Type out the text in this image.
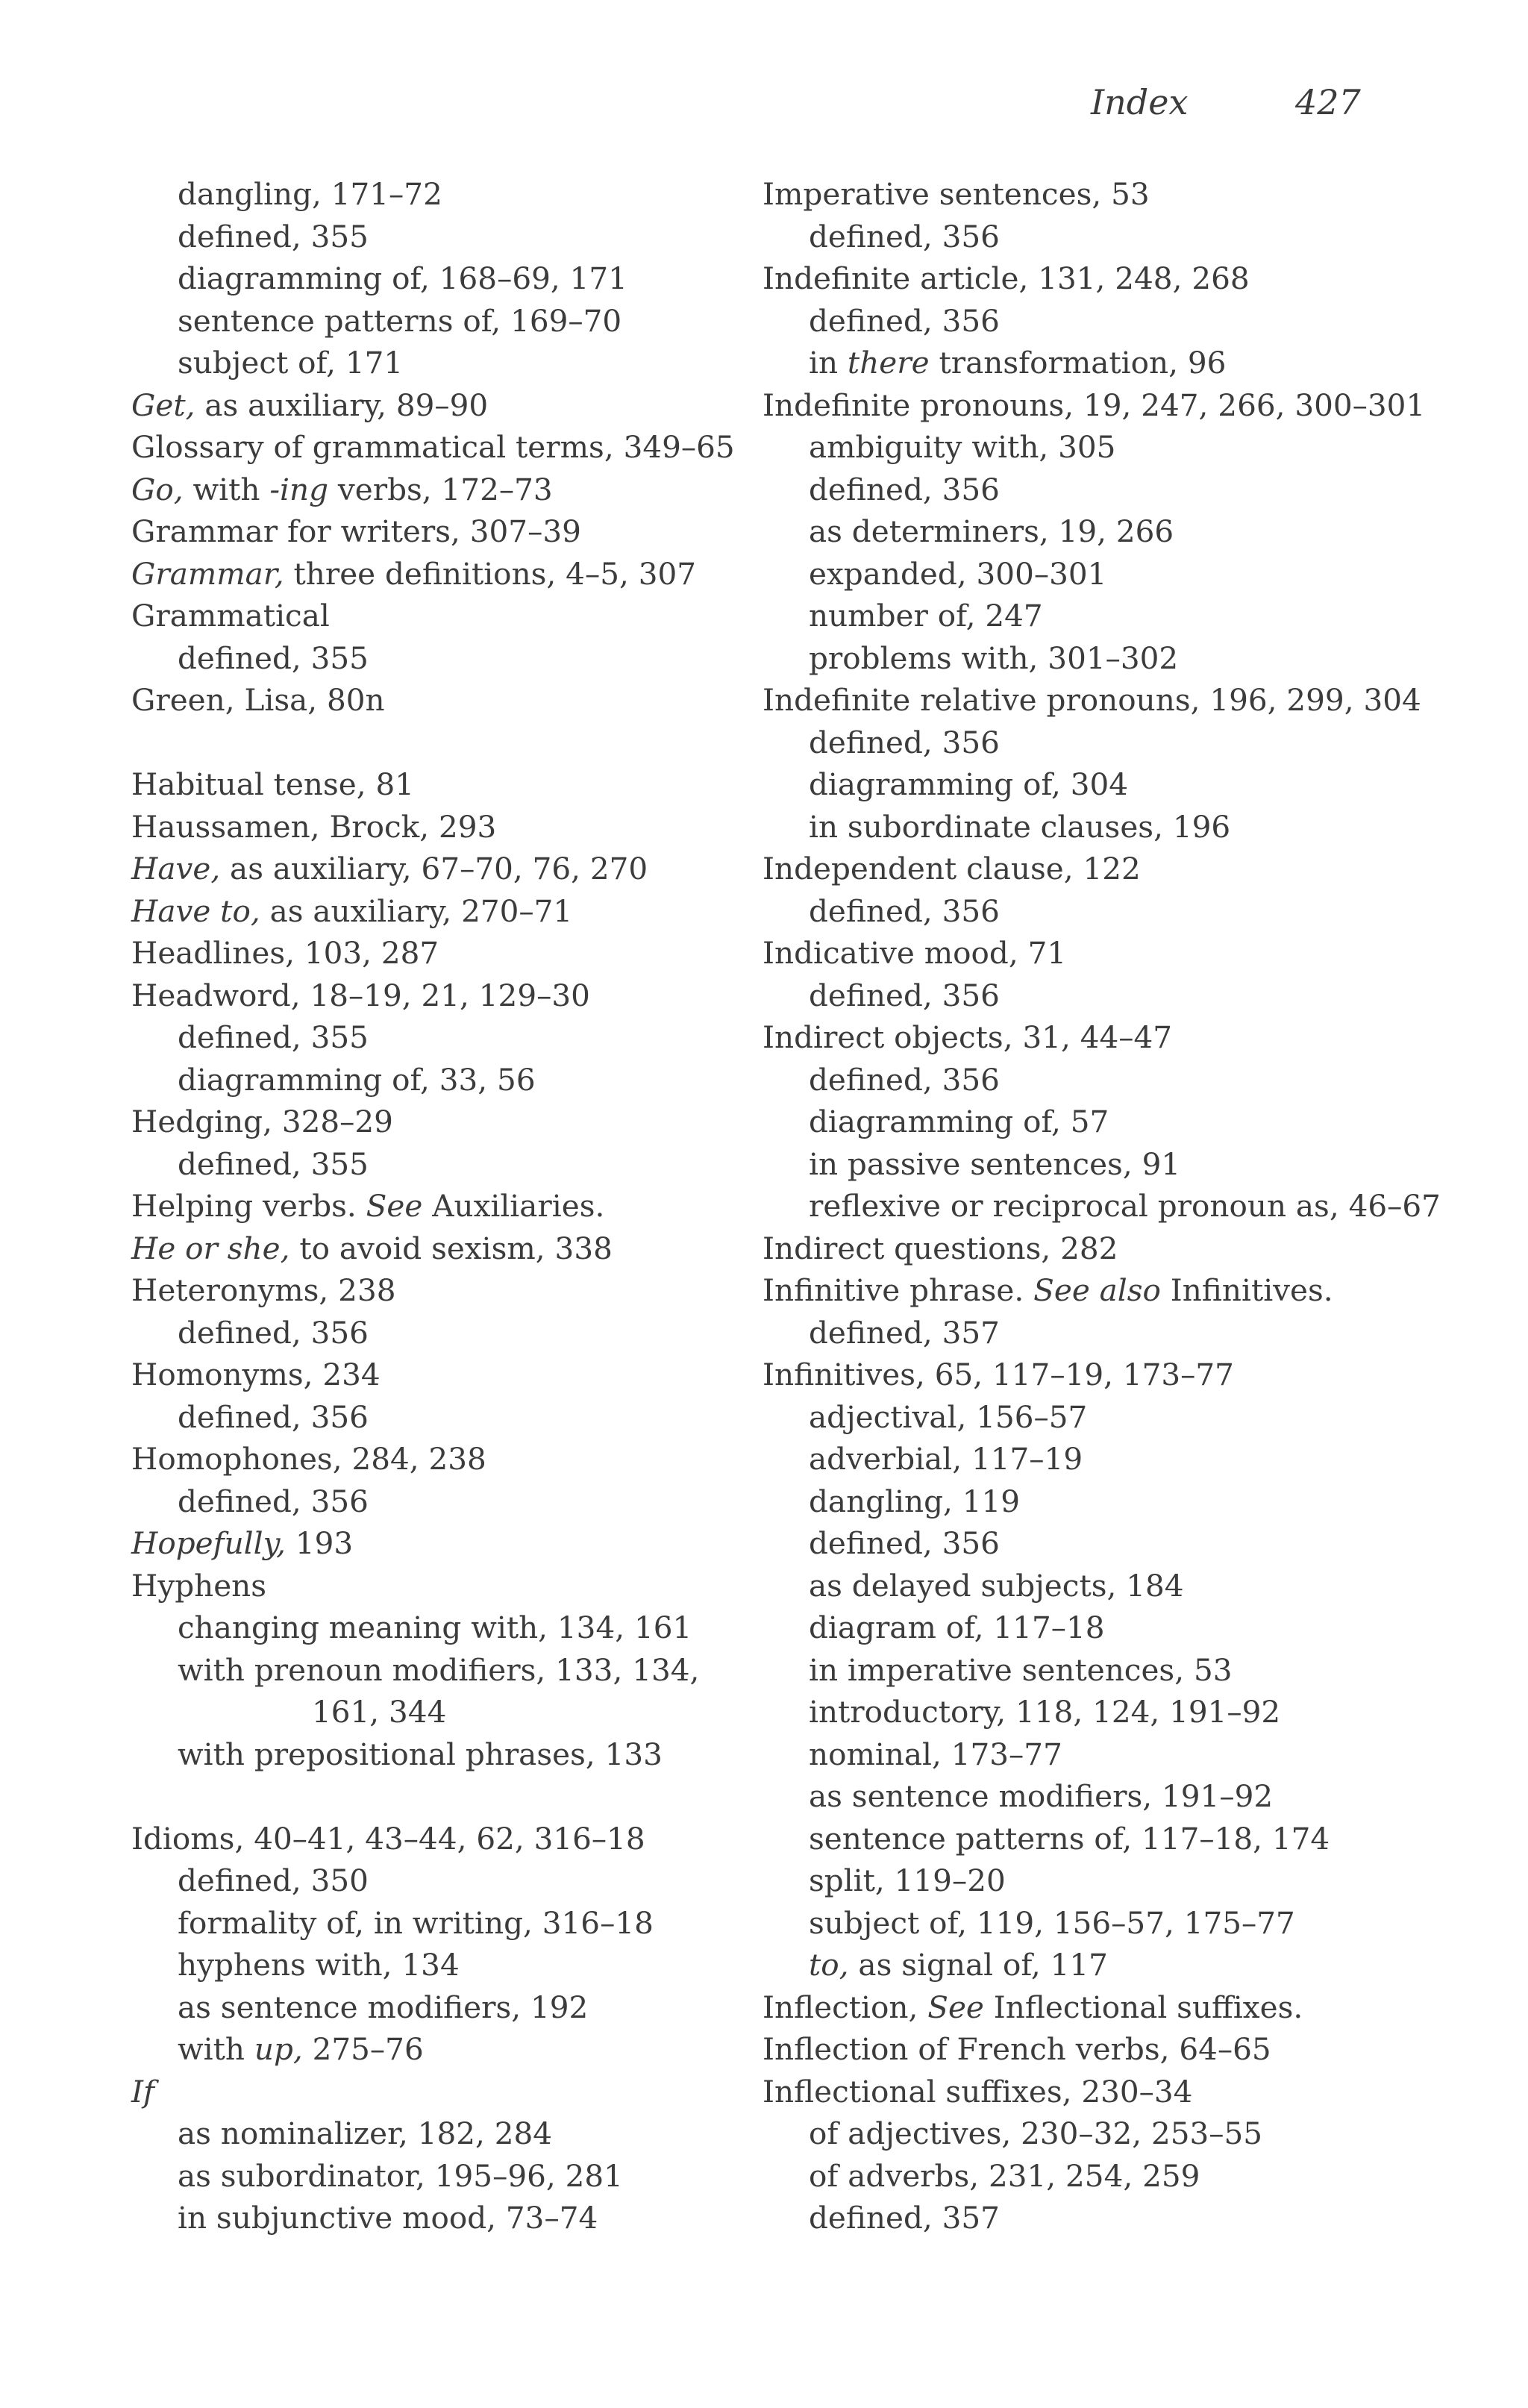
Index	427
dangling, 171–72
defined, 355
diagramming of, 168–69, 171
sentence patterns of, 169–70
subject of, 171
Get, as auxiliary, 89–90
Glossary of grammatical terms, 349–65
Go, with -ing verbs, 172–73
Grammar for writers, 307–39
Grammar, three definitions, 4–5, 307
Grammatical
defined, 355
Green, Lisa, 80n
Habitual tense, 81
Haussamen, Brock, 293
Have, as auxiliary, 67–70, 76, 270
Have to, as auxiliary, 270–71
Headlines, 103, 287
Headword, 18–19, 21, 129–30
defined, 355
diagramming of, 33, 56
Hedging, 328–29
defined, 355
Helping verbs. See Auxiliaries.
He or she, to avoid sexism, 338
Heteronyms, 238
defined, 356
Homonyms, 234
defined, 356
Homophones, 284, 238
defined, 356
Hopefully, 193
Hyphens
changing meaning with, 134, 161
with prenoun modifiers, 133, 134,
161, 344
with prepositional phrases, 133
Idioms, 40–41, 43–44, 62, 316–18
defined, 350
formality of, in writing, 316–18
hyphens with, 134
as sentence modifiers, 192
with up, 275–76
If
as nominalizer, 182, 284
as subordinator, 195–96, 281
in subjunctive mood, 73–74
Imperative sentences, 53
defined, 356
Indefinite article, 131, 248, 268
defined, 356
in there transformation, 96
Indefinite pronouns, 19, 247, 266, 300–301
ambiguity with, 305
defined, 356
as determiners, 19, 266
expanded, 300–301
number of, 247
problems with, 301–302
Indefinite relative pronouns, 196, 299, 304
defined, 356
diagramming of, 304
in subordinate clauses, 196
Independent clause, 122
defined, 356
Indicative mood, 71
defined, 356
Indirect objects, 31, 44–47
defined, 356
diagramming of, 57
in passive sentences, 91
reflexive or reciprocal pronoun as, 46–67
Indirect questions, 282
Infinitive phrase. See also Infinitives.
defined, 357
Infinitives, 65, 117–19, 173–77
adjectival, 156–57
adverbial, 117–19
dangling, 119
defined, 356
as delayed subjects, 184
diagram of, 117–18
in imperative sentences, 53
introductory, 118, 124, 191–92
nominal, 173–77
as sentence modifiers, 191–92
sentence patterns of, 117–18, 174
split, 119–20
subject of, 119, 156–57, 175–77
to, as signal of, 117
Inflection, See Inflectional suffixes.
Inflection of French verbs, 64–65
Inflectional suffixes, 230–34
of adjectives, 230–32, 253–55
of adverbs, 231, 254, 259
defined, 357
